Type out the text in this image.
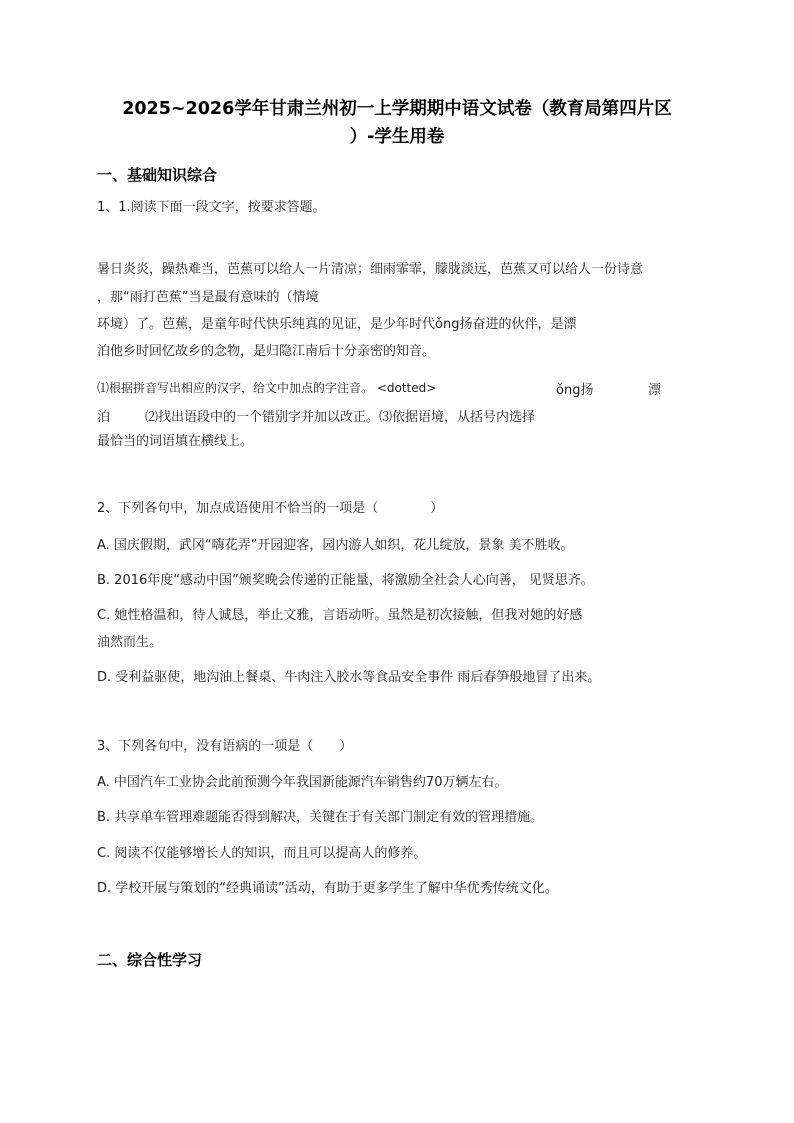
2025~2026学年甘肃兰州初一上学期期中语文试卷（教育局第四片区
）-学生用卷
一、基础知识综合
1、1.阅读下面一段文字，按要求答题。
暑日炎炎，躁热难当，芭蕉可以给人一片清凉；细雨霏霏，朦胧淡远，芭蕉又可以给人一份诗意
，那“雨打芭蕉”当是最有意味的（情境
环境）了。芭蕉，是童年时代快乐纯真的见证，是少年时代ǒng扬奋进的伙伴，是漂
泊他乡时回忆故乡的念物，是归隐江南后十分亲密的知音。
⑴根据拼音写出相应的汉字，给文中加点的字注音。 <dotted>	ǒng扬	漂
泊	⑵找出语段中的一个错别字并加以改正。⑶依据语境，从括号内选择
最恰当的词语填在横线上。
2、下列各句中，加点成语使用不恰当的一项是（　　　　）
A. 国庆假期，武冈“嗨花弄”开园迎客，园内游人如织，花儿绽放，景象 美不胜收。
B. 2016年度“感动中国”颁奖晚会传递的正能量，将激励全社会人心向善， 见贤思齐。
C. 她性格温和，待人诚恳，举止文雅，言语动听。虽然是初次接触，但我对她的好感
油然而生。
D. 受利益驱使，地沟油上餐桌、牛肉注入胶水等食品安全事件 雨后春笋般地冒了出来。
3、下列各句中，没有语病的一项是（　　）
A. 中国汽车工业协会此前预测今年我国新能源汽车销售约70万辆左右。
B. 共享单车管理难题能否得到解决，关键在于有关部门制定有效的管理措施。
C. 阅读不仅能够增长人的知识，而且可以提高人的修养。
D. 学校开展与策划的“经典诵读”活动，有助于更多学生了解中华优秀传统文化。
二、综合性学习
